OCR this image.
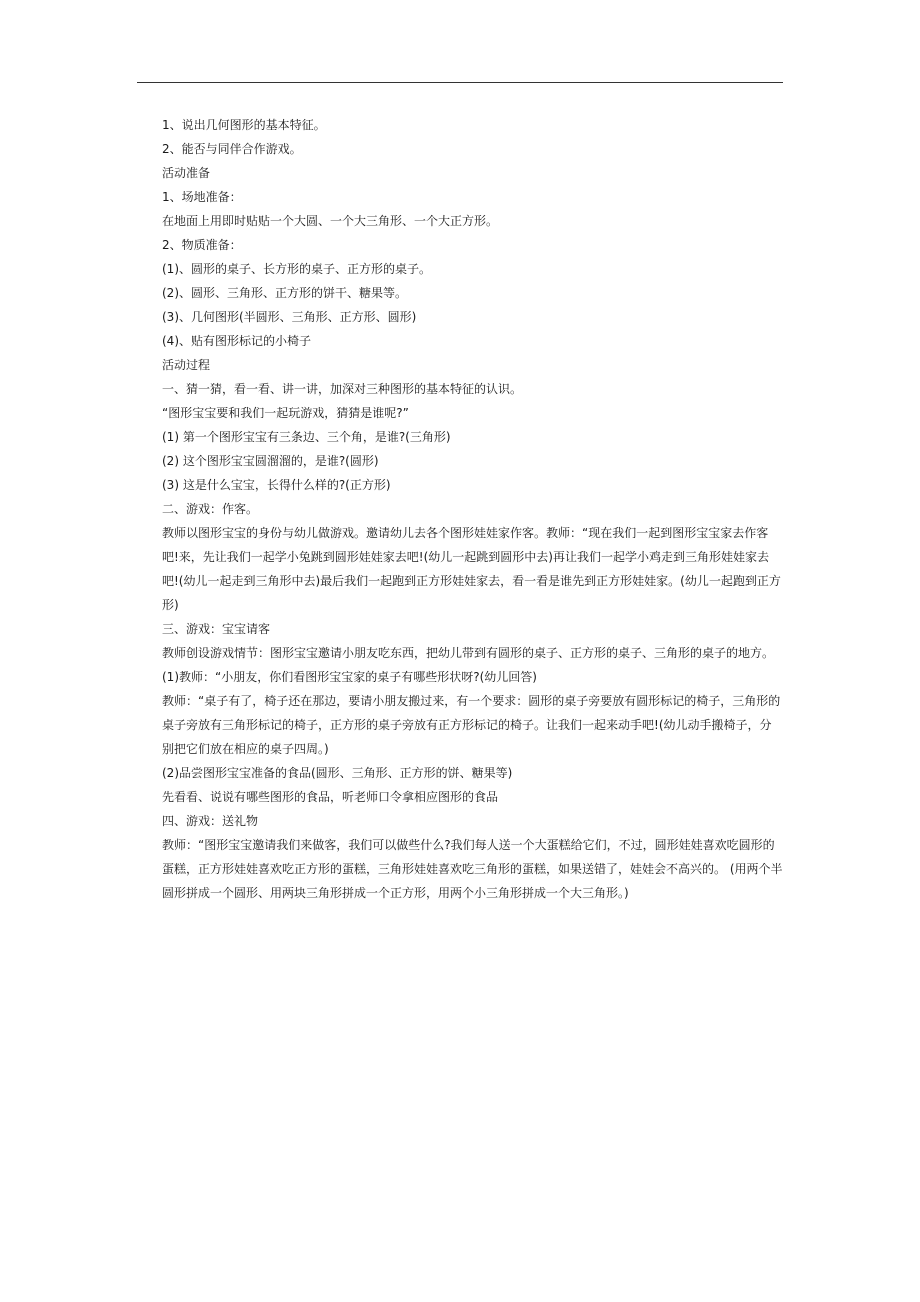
1、说出几何图形的基本特征。

2、能否与同伴合作游戏。

活动准备

1、场地准备：

在地面上用即时贴贴一个大圆、一个大三角形、一个大正方形。

2、物质准备：

(1)、圆形的桌子、长方形的桌子、正方形的桌子。

(2)、圆形、三角形、正方形的饼干、糖果等。

(3)、几何图形(半圆形、三角形、正方形、圆形)

(4)、贴有图形标记的小椅子

活动过程

一、猜一猜，看一看、讲一讲，加深对三种图形的基本特征的认识。

“图形宝宝要和我们一起玩游戏，猜猜是谁呢?”

(1) 第一个图形宝宝有三条边、三个角，是谁?(三角形)

(2) 这个图形宝宝圆溜溜的，是谁?(圆形)

(3) 这是什么宝宝，长得什么样的?(正方形)

二、游戏：作客。

教师以图形宝宝的身份与幼儿做游戏。邀请幼儿去各个图形娃娃家作客。教师：“现在我们一起到图形宝宝家去作客吧!来，先让我们一起学小兔跳到圆形娃娃家去吧!(幼儿一起跳到圆形中去)再让我们一起学小鸡走到三角形娃娃家去吧!(幼儿一起走到三角形中去)最后我们一起跑到正方形娃娃家去，看一看是谁先到正方形娃娃家。(幼儿一起跑到正方形)

三、游戏：宝宝请客

教师创设游戏情节：图形宝宝邀请小朋友吃东西，把幼儿带到有圆形的桌子、正方形的桌子、三角形的桌子的地方。

(1)教师：“小朋友，你们看图形宝宝家的桌子有哪些形状呀?(幼儿回答)

教师：“桌子有了，椅子还在那边，要请小朋友搬过来，有一个要求：圆形的桌子旁要放有圆形标记的椅子，三角形的桌子旁放有三角形标记的椅子，正方形的桌子旁放有正方形标记的椅子。让我们一起来动手吧!(幼儿动手搬椅子，分别把它们放在相应的桌子四周。)

(2)品尝图形宝宝准备的食品(圆形、三角形、正方形的饼、糖果等)

先看看、说说有哪些图形的食品，听老师口令拿相应图形的食品

四、游戏：送礼物

教师：“图形宝宝邀请我们来做客，我们可以做些什么?我们每人送一个大蛋糕给它们，不过，圆形娃娃喜欢吃圆形的蛋糕，正方形娃娃喜欢吃正方形的蛋糕，三角形娃娃喜欢吃三角形的蛋糕，如果送错了，娃娃会不高兴的。 (用两个半圆形拼成一个圆形、用两块三角形拼成一个正方形，用两个小三角形拼成一个大三角形。)
